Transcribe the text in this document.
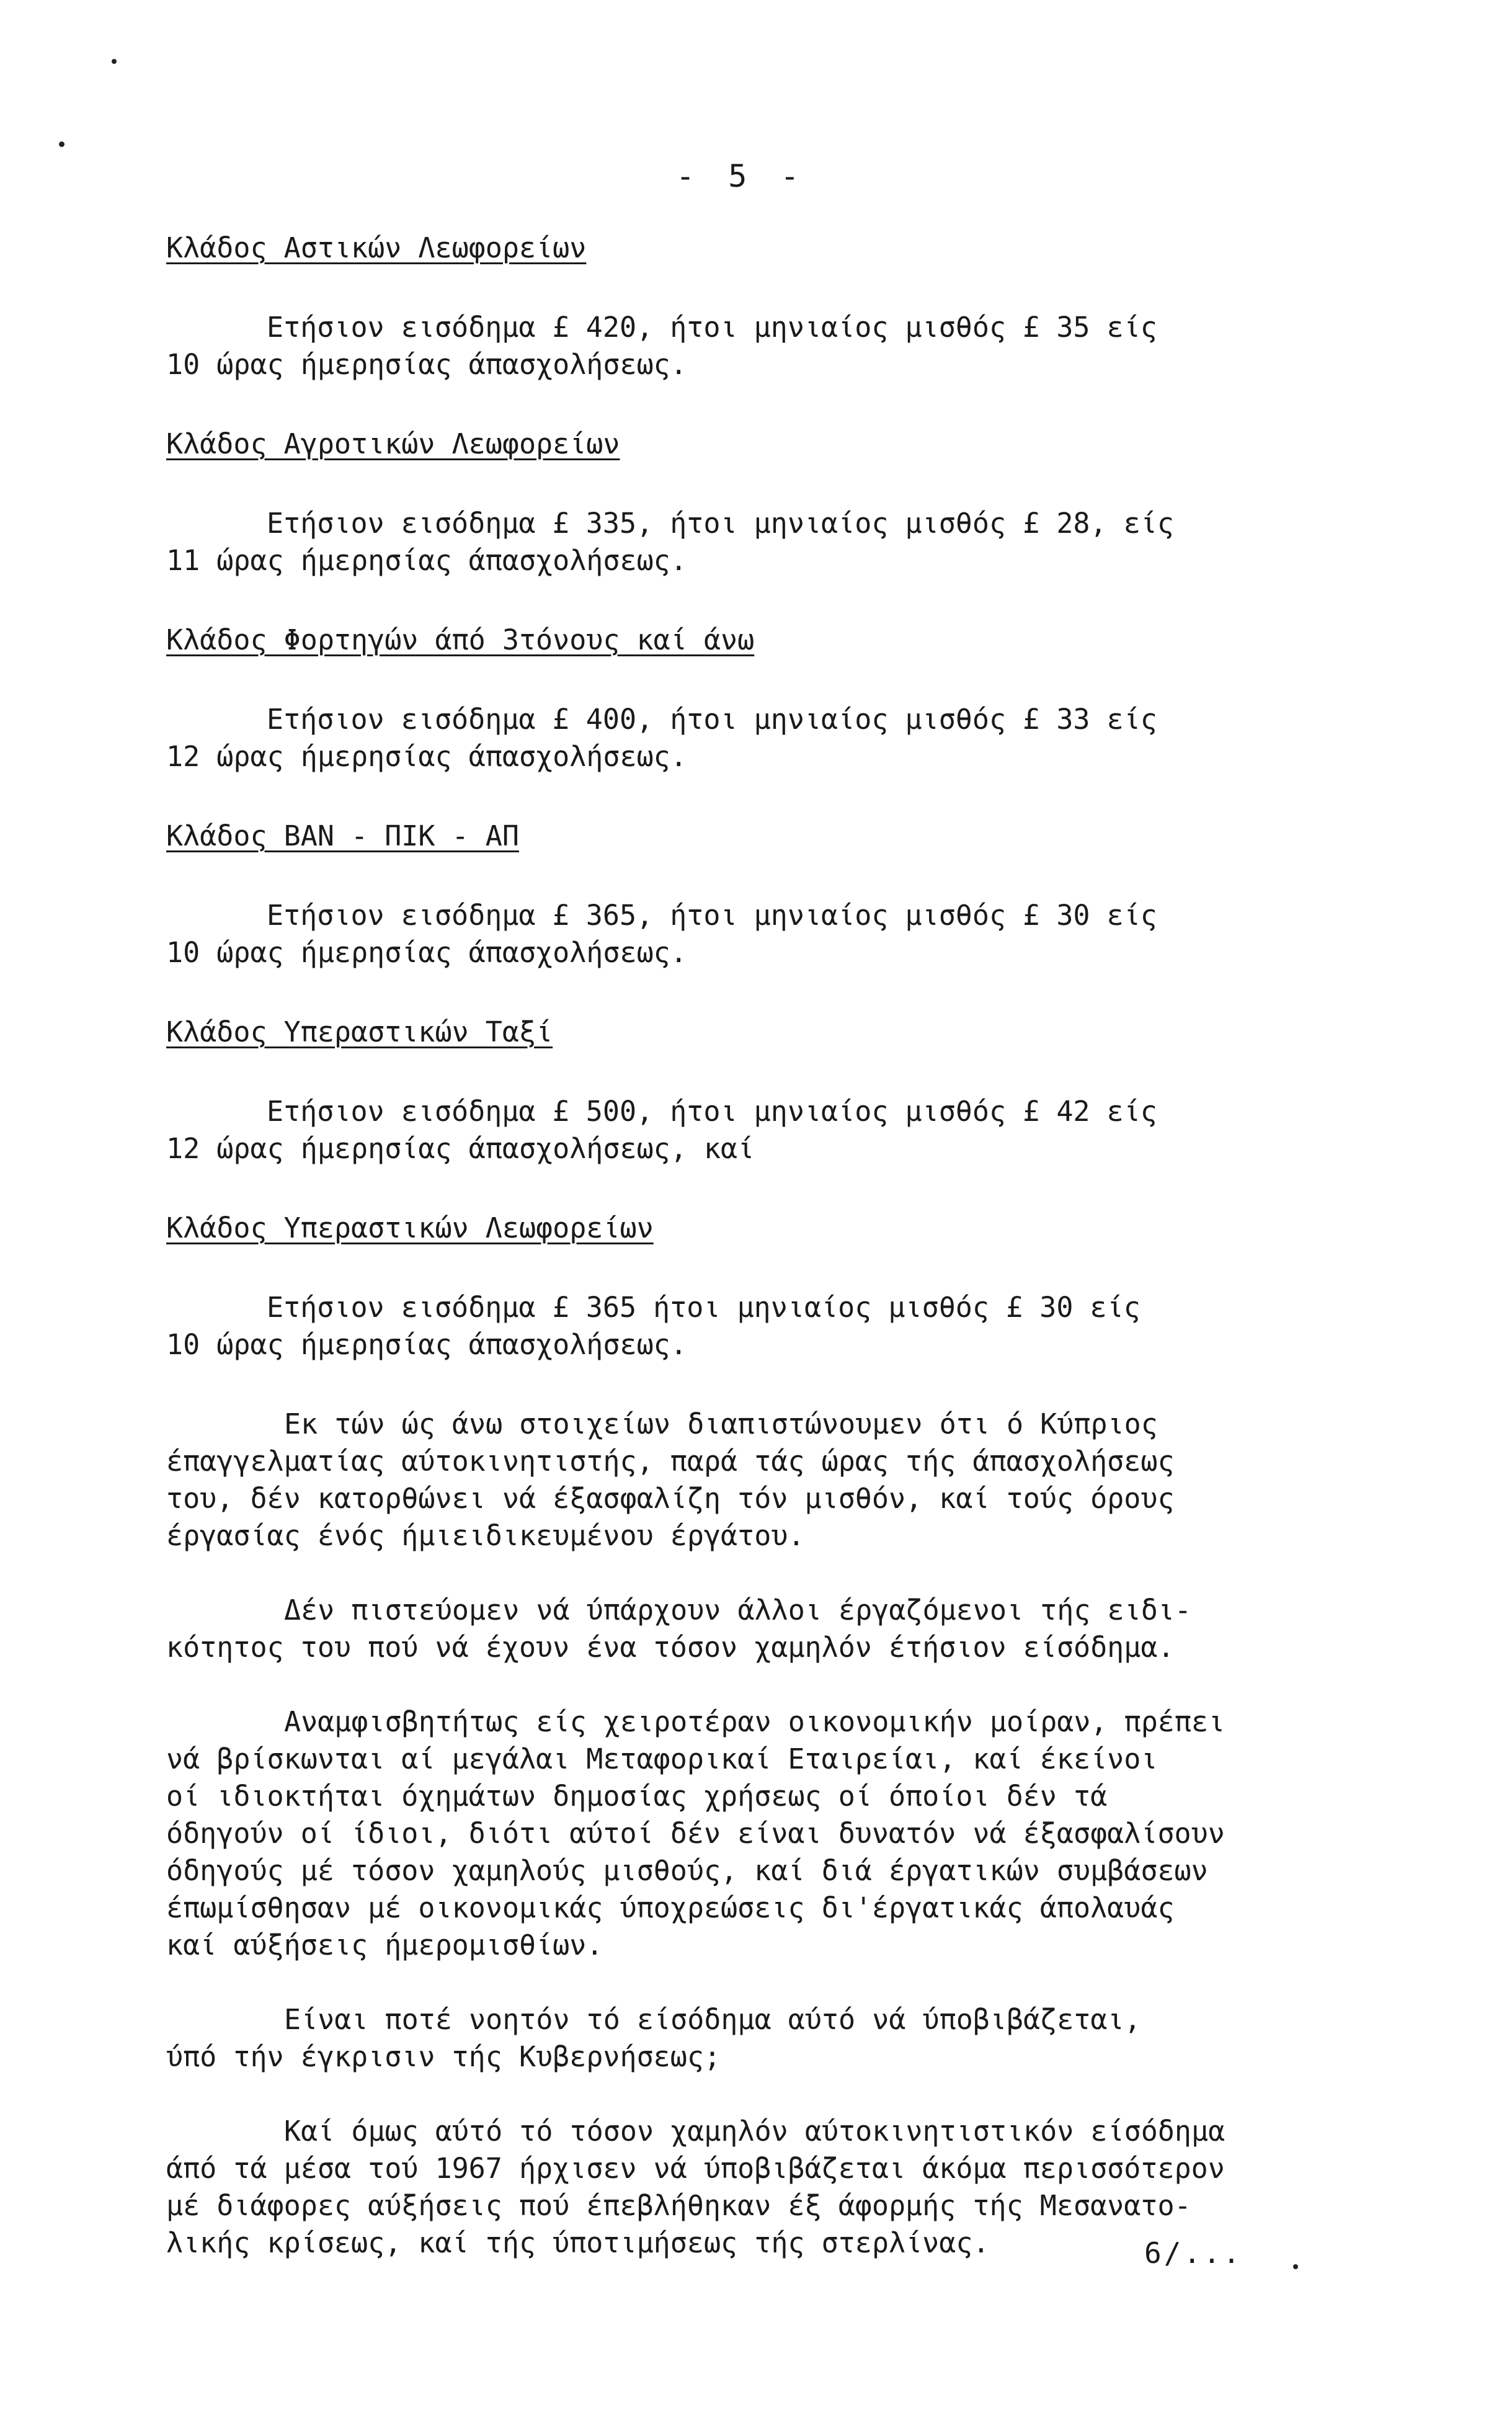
- 5 -
Κλάδος Αστικών Λεωφορείων
Ετήσιον εισόδημα £ 420, ήτοι μηνιαίος μισθός £ 35 είς
10 ώρας ήμερησίας άπασχολήσεως.
Κλάδος Αγροτικών Λεωφορείων
Ετήσιον εισόδημα £ 335, ήτοι μηνιαίος μισθός £ 28, είς
11 ώρας ήμερησίας άπασχολήσεως.
Κλάδος Φορτηγών άπό 3τόνους καί άνω
Ετήσιον εισόδημα £ 400, ήτοι μηνιαίος μισθός £ 33 είς
12 ώρας ήμερησίας άπασχολήσεως.
Κλάδος ΒΑΝ - ΠΙΚ - ΑΠ
Ετήσιον εισόδημα £ 365, ήτοι μηνιαίος μισθός £ 30 είς
10 ώρας ήμερησίας άπασχολήσεως.
Κλάδος Υπεραστικών Ταξί
Ετήσιον εισόδημα £ 500, ήτοι μηνιαίος μισθός £ 42 είς
12 ώρας ήμερησίας άπασχολήσεως, καί
Κλάδος Υπεραστικών Λεωφορείων
Ετήσιον εισόδημα £ 365 ήτοι μηνιαίος μισθός £ 30 είς
10 ώρας ήμερησίας άπασχολήσεως.
Εκ τών ώς άνω στοιχείων διαπιστώνουμεν ότι ό Κύπριος
έπαγγελματίας αύτοκινητιστής, παρά τάς ώρας τής άπασχολήσεως
του, δέν κατορθώνει νά έξασφαλίζη τόν μισθόν, καί τούς όρους
έργασίας ένός ήμιειδικευμένου έργάτου.
Δέν πιστεύομεν νά ύπάρχουν άλλοι έργαζόμενοι τής ειδι-
κότητος του πού νά έχουν ένα τόσον χαμηλόν έτήσιον είσόδημα.
Αναμφισβητήτως είς χειροτέραν οικονομικήν μοίραν, πρέπει
νά βρίσκωνται αί μεγάλαι Μεταφορικαί Εταιρείαι, καί έκείνοι
οί ιδιοκτήται όχημάτων δημοσίας χρήσεως οί όποίοι δέν τά
όδηγούν οί ίδιοι, διότι αύτοί δέν είναι δυνατόν νά έξασφαλίσουν
όδηγούς μέ τόσον χαμηλούς μισθούς, καί διά έργατικών συμβάσεων
έπωμίσθησαν μέ οικονομικάς ύποχρεώσεις δι'έργατικάς άπολαυάς
καί αύξήσεις ήμερομισθίων.
Είναι ποτέ νοητόν τό είσόδημα αύτό νά ύποβιβάζεται,
ύπό τήν έγκρισιν τής Κυβερνήσεως;
Καί όμως αύτό τό τόσον χαμηλόν αύτοκινητιστικόν είσόδημα
άπό τά μέσα τού 1967 ήρχισεν νά ύποβιβάζεται άκόμα περισσότερον
μέ διάφορες αύξήσεις πού έπεβλήθηκαν έξ άφορμής τής Μεσανατο-
λικής κρίσεως, καί τής ύποτιμήσεως τής στερλίνας.	6/...
